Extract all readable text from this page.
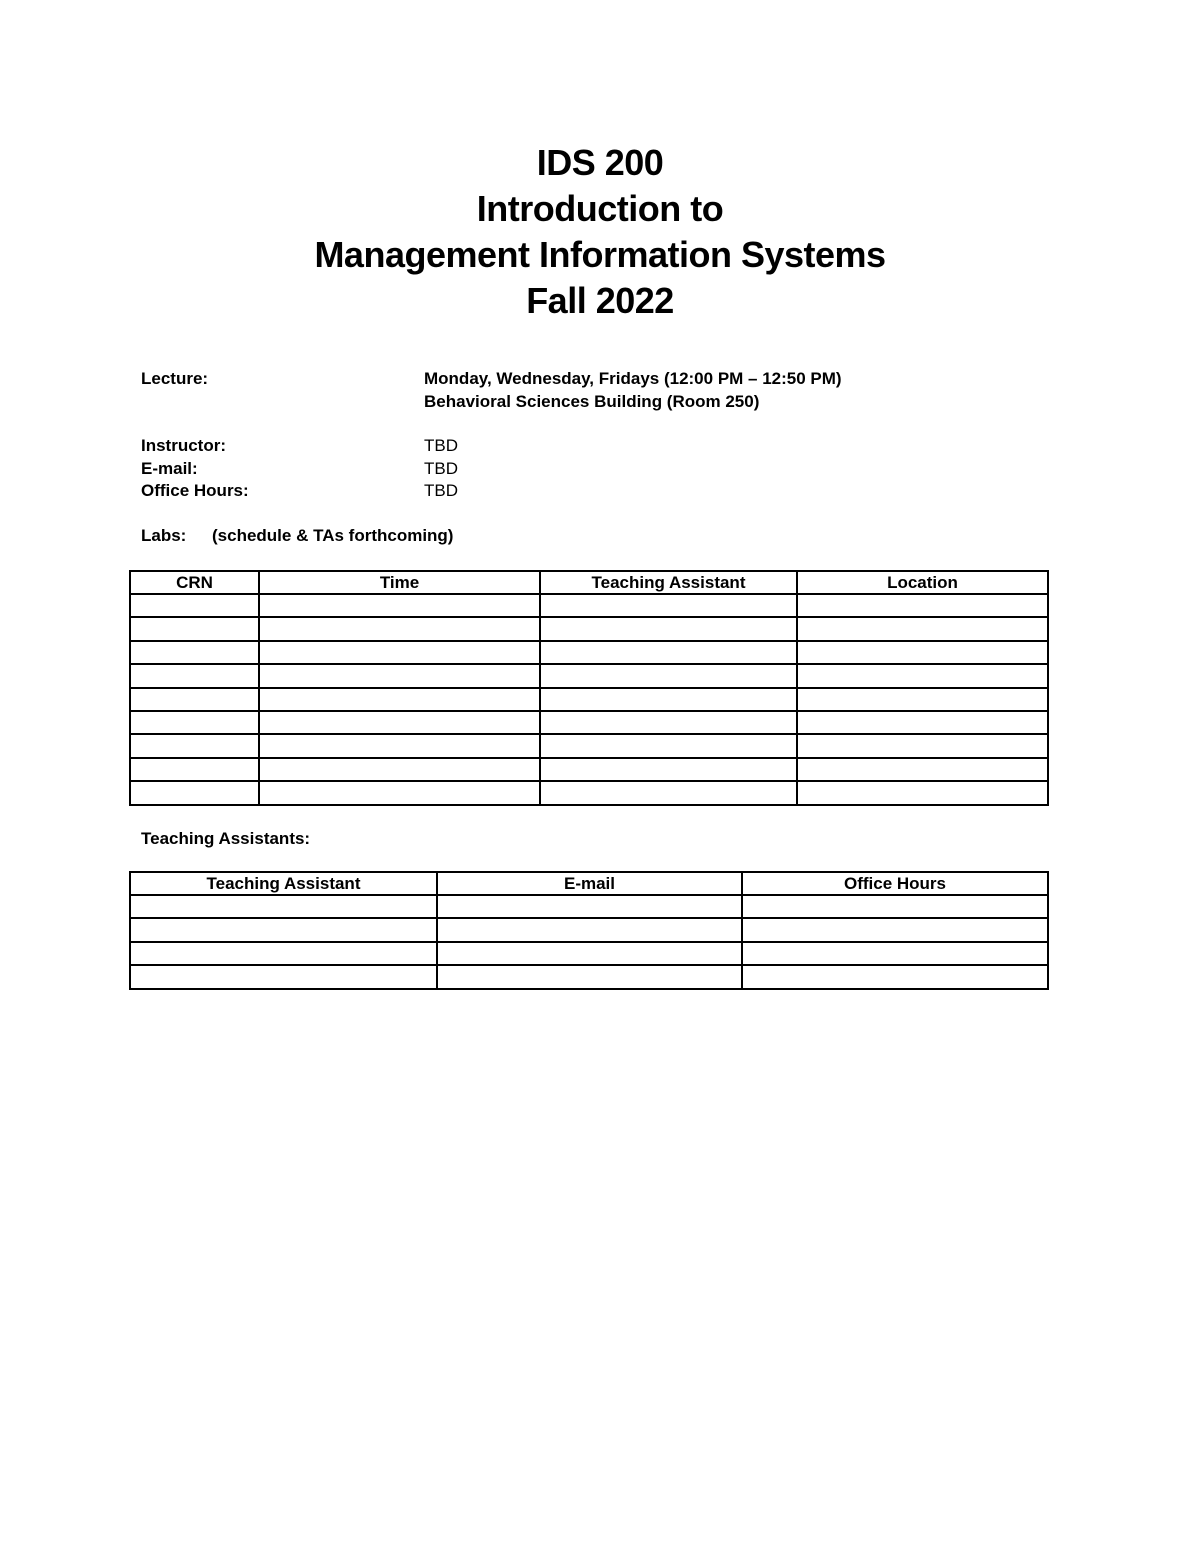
IDS 200
Introduction to
Management Information Systems
Fall 2022
Lecture:	Monday, Wednesday, Fridays (12:00 PM – 12:50 PM)
Behavioral Sciences Building (Room 250)
Instructor:	TBD
E-mail:	TBD
Office Hours:	TBD
Labs: (schedule & TAs forthcoming)
CRN	Time	Teaching Assistant	Location

Teaching Assistants:
Teaching Assistant	E-mail	Office Hours
